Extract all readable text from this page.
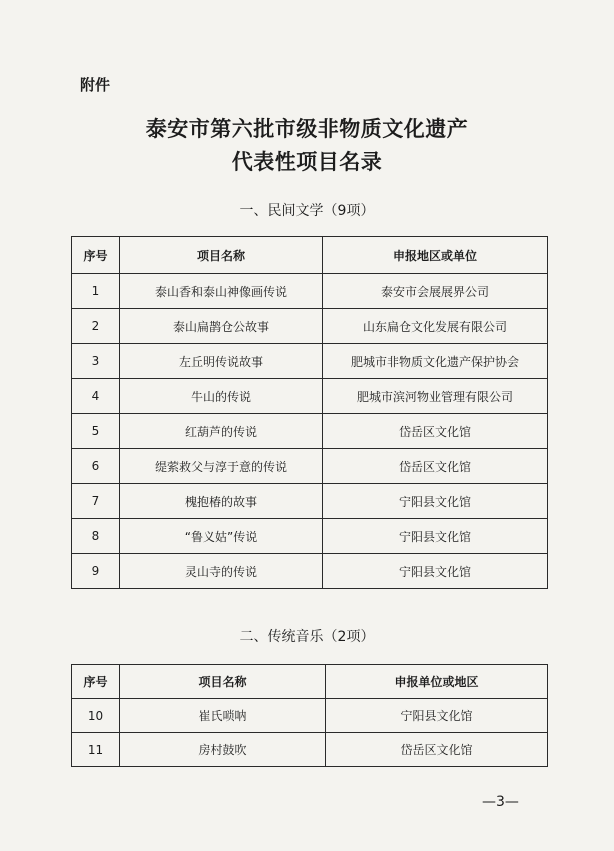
附件
泰安市第六批市级非物质文化遗产
代表性项目名录
一、民间文学（9项）
序号	项目名称	申报地区或单位
1	泰山香和泰山神像画传说	泰安市会展展界公司
2	泰山扁鹊仓公故事	山东扁仓文化发展有限公司
3	左丘明传说故事	肥城市非物质文化遗产保护协会
4	牛山的传说	肥城市滨河物业管理有限公司
5	红葫芦的传说	岱岳区文化馆
6	缇萦救父与淳于意的传说	岱岳区文化馆
7	槐抱椿的故事	宁阳县文化馆
8	“鲁义姑”传说	宁阳县文化馆
9	灵山寺的传说	宁阳县文化馆
二、传统音乐（2项）
序号	项目名称	申报单位或地区
10	崔氏唢呐	宁阳县文化馆
11	房村鼓吹	岱岳区文化馆
—3—
